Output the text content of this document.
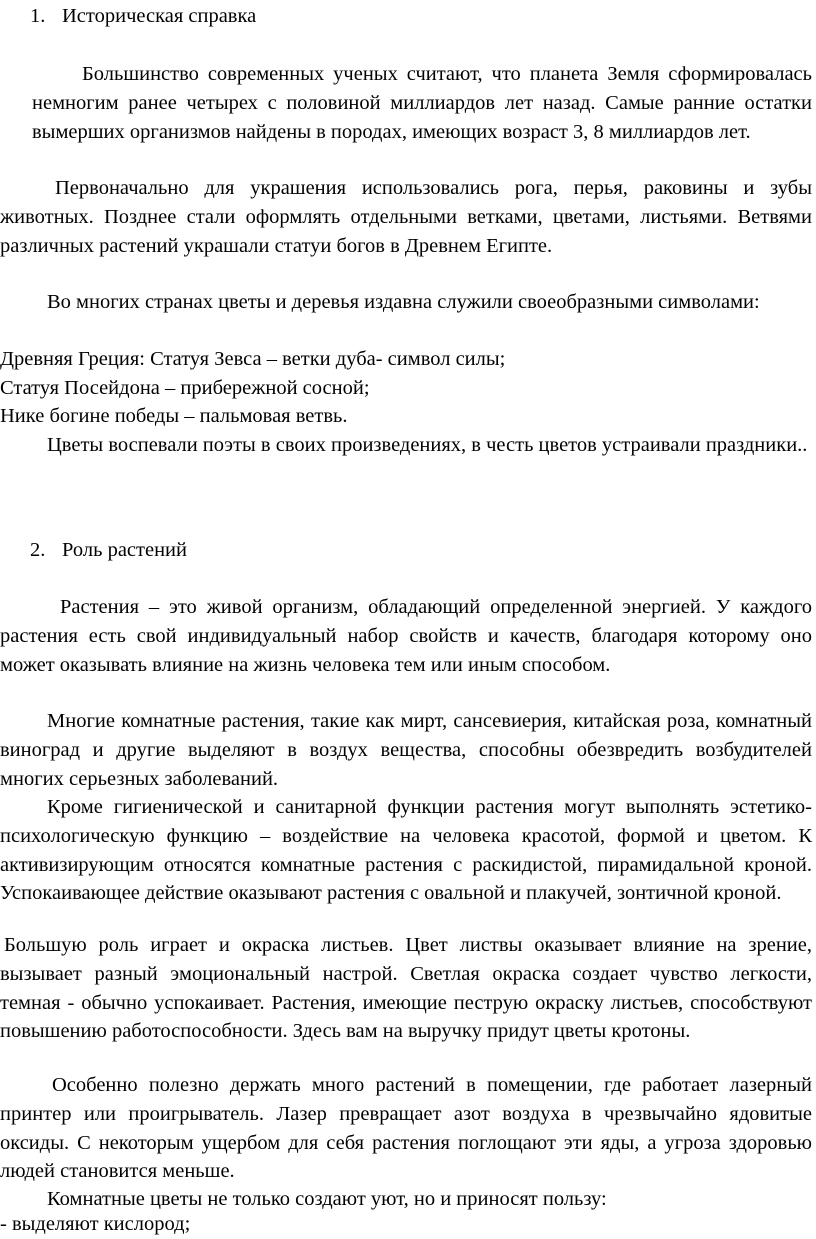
1. Историческая справка

Большинство современных ученых считают, что планета Земля сформировалась немногим ранее четырех с половиной миллиардов лет назад. Самые ранние остатки вымерших организмов найдены в породах, имеющих возраст 3, 8 миллиардов лет.

Первоначально для украшения использовались рога, перья, раковины и зубы животных. Позднее стали оформлять отдельными ветками, цветами, листьями. Ветвями различных растений украшали статуи богов в Древнем Египте.

Во многих странах цветы и деревья издавна служили своеобразными символами:

Древняя Греция: Статуя Зевса – ветки дуба- символ силы;

Статуя Посейдона – прибережной сосной;

Нике богине победы – пальмовая ветвь.

Цветы воспевали поэты в своих произведениях, в честь цветов устраивали праздники..

2. Роль растений

Растения – это живой организм, обладающий определенной энергией. У каждого растения есть свой индивидуальный набор свойств и качеств, благодаря которому оно может оказывать влияние на жизнь человека тем или иным способом.

Многие комнатные растения, такие как мирт, сансевиерия, китайская роза, комнатный виноград и другие выделяют в воздух вещества, способны обезвредить возбудителей многих серьезных заболеваний.

Кроме гигиенической и санитарной функции растения могут выполнять эстетико-психологическую функцию – воздействие на человека красотой, формой и цветом. К активизирующим относятся комнатные растения с раскидистой, пирамидальной кроной. Успокаивающее действие оказывают растения с овальной и плакучей, зонтичной кроной.

Большую роль играет и окраска листьев. Цвет листвы оказывает влияние на зрение, вызывает разный эмоциональный настрой. Светлая окраска создает чувство легкости, темная - обычно успокаивает. Растения, имеющие пеструю окраску листьев, способствуют повышению работоспособности. Здесь вам на выручку придут цветы кротоны.

Особенно полезно держать много растений в помещении, где работает лазерный принтер или проигрыватель. Лазер превращает азот воздуха в чрезвычайно ядовитые оксиды. С некоторым ущербом для себя растения поглощают эти яды, а угроза здоровью людей становится меньше.

Комнатные цветы не только создают уют, но и приносят пользу:

- выделяют кислород;
